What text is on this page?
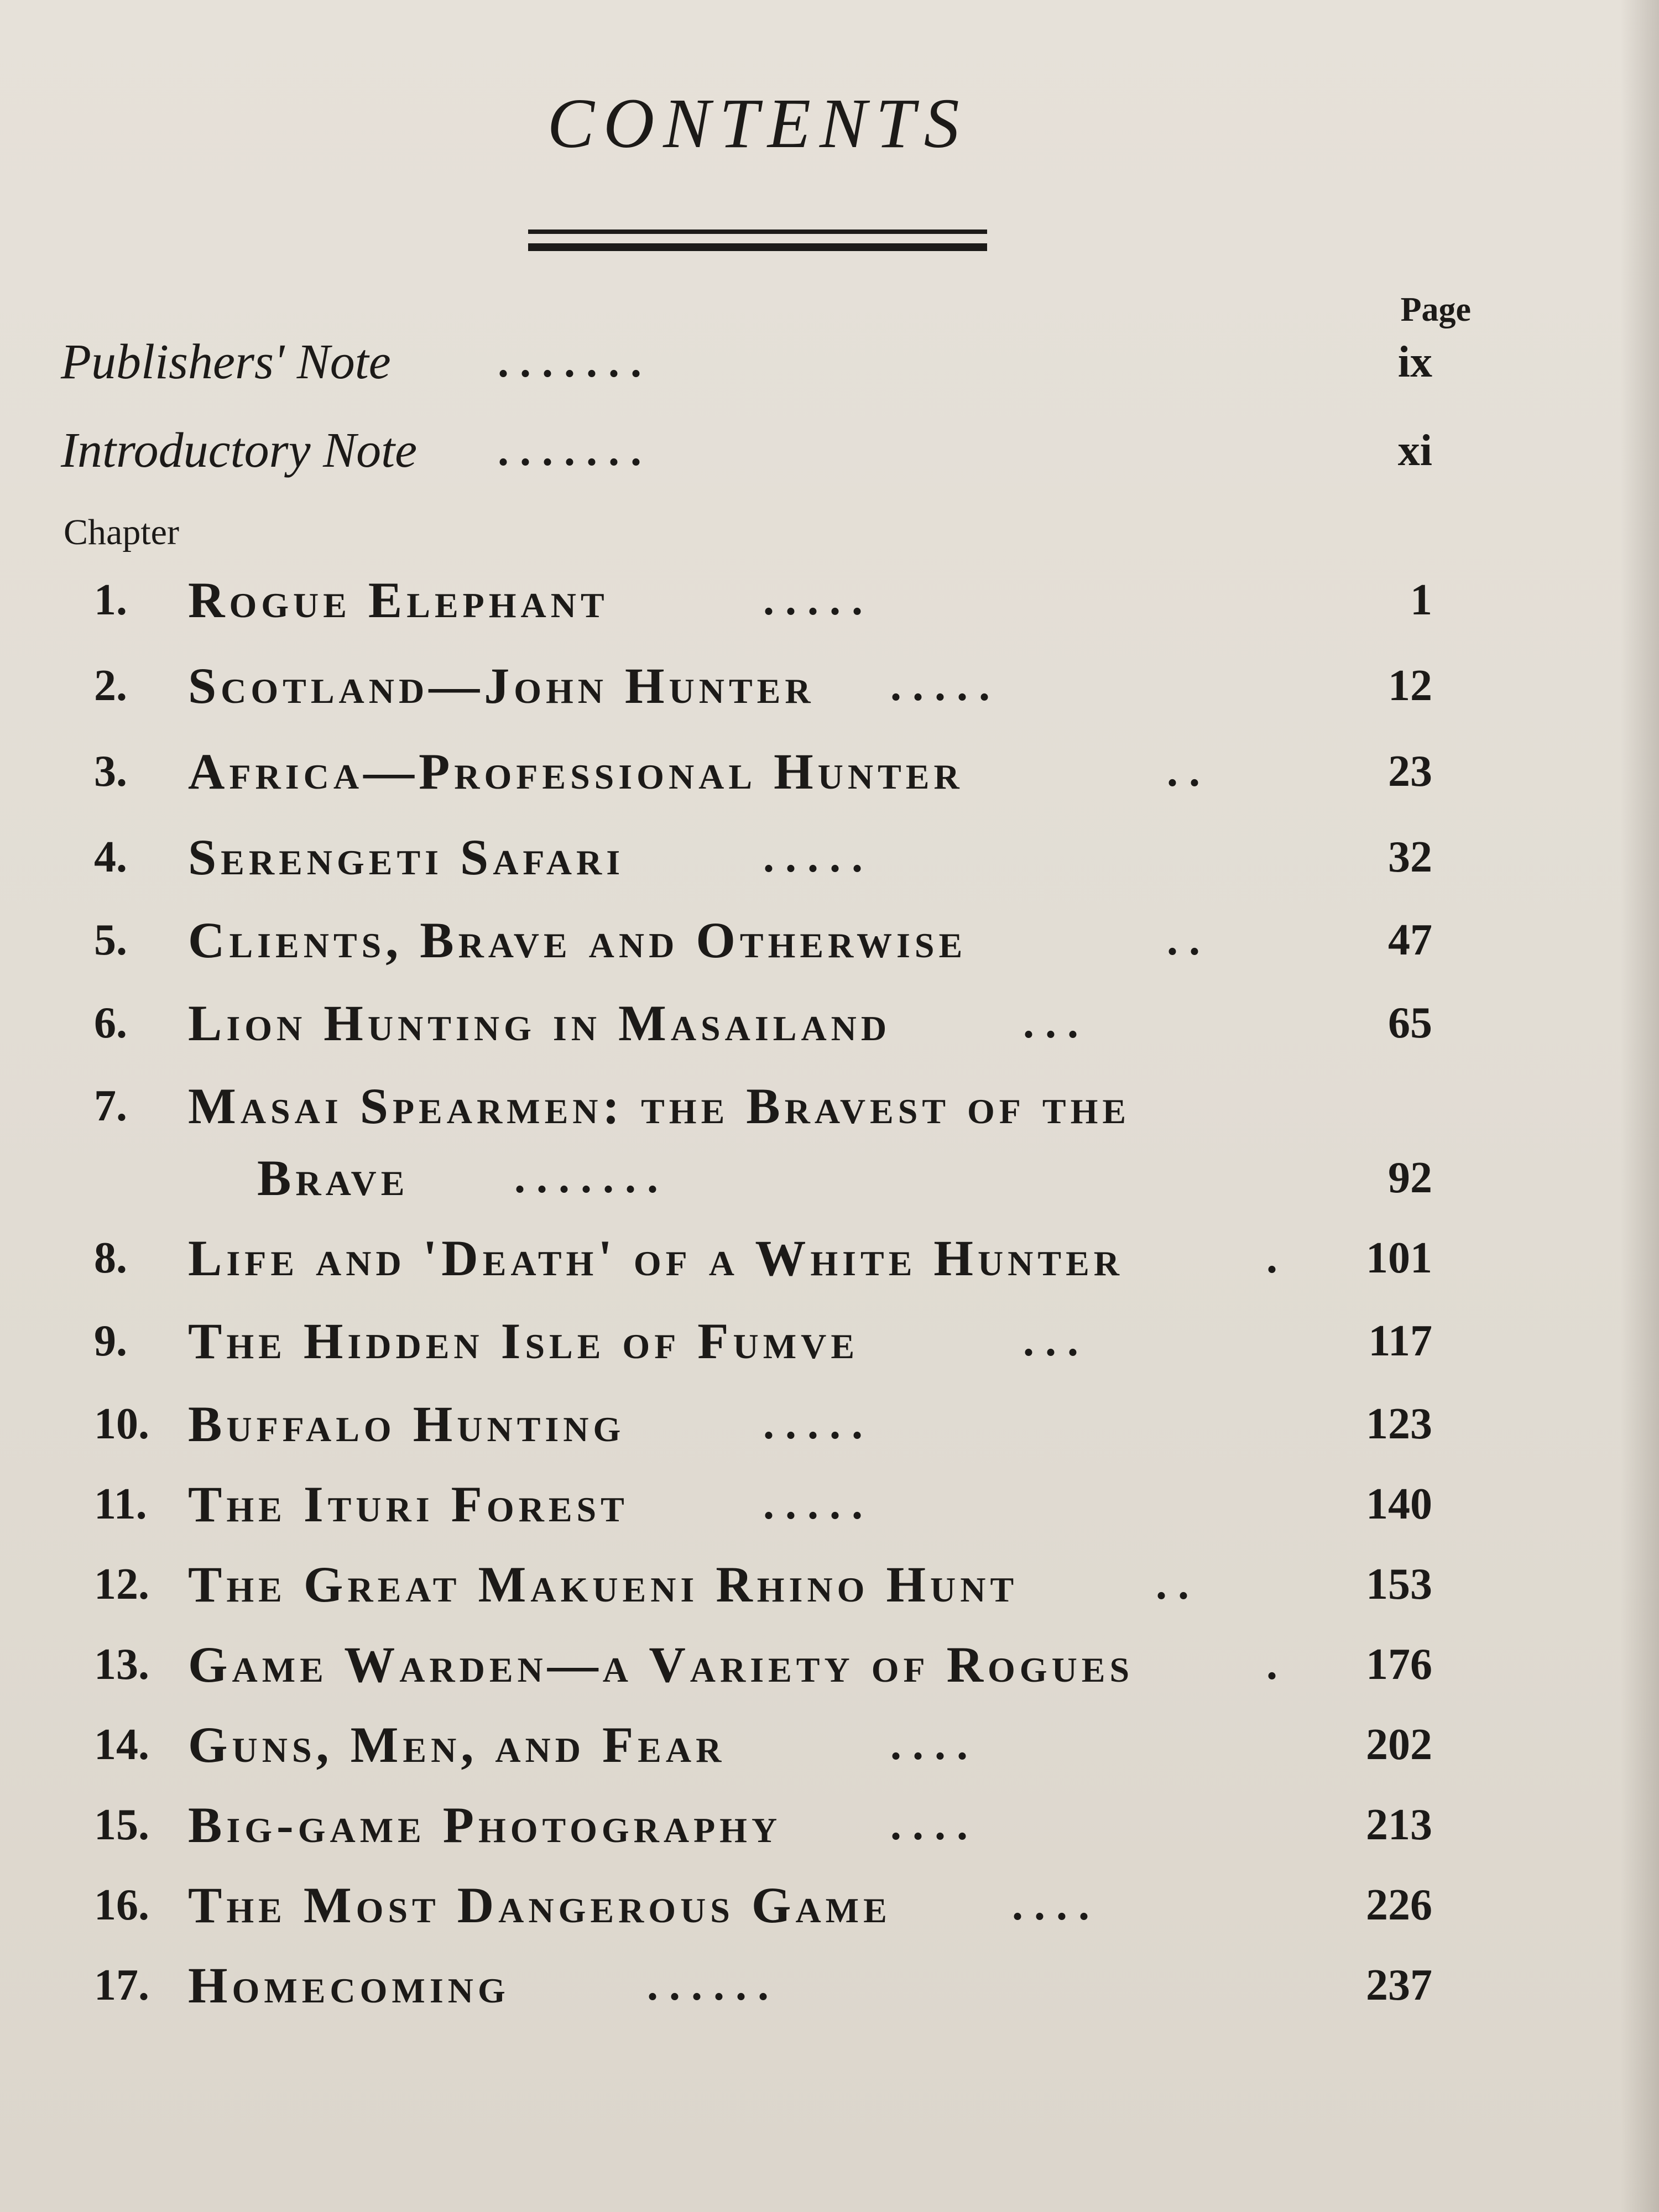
CONTENTS
Page
Publishers' Note . . . . . . .	ix
Introductory Note . . . . . . .	xi
Chapter
1.	Rogue Elephant	. . . . .	1
2.	Scotland—John Hunter . . . . .	12
3.	Africa—Professional Hunter	. .	23
4.	Serengeti Safari	. . . . .	32
5.	Clients, Brave and Otherwise	. .	47
6.	Lion Hunting in Masailand	. . .	65
7.	Masai Spearmen: the Bravest of the
Brave . . . . . . .	92
8.	Life and 'Death' of a White Hunter	.	101
9.	The Hidden Isle of Fumve	. . .	117
10. Buffalo Hunting	. . . . .	123
11. The Ituri Forest	. . . . .	140
12. The Great Makueni Rhino Hunt	. .	153
13. Game Warden—a Variety of Rogues	.	176
14. Guns, Men, and Fear	. . . .	202
15. Big-game Photography . . . .	213
16. The Most Dangerous Game	. . . .	226
17. Homecoming	. . . . . .	237
